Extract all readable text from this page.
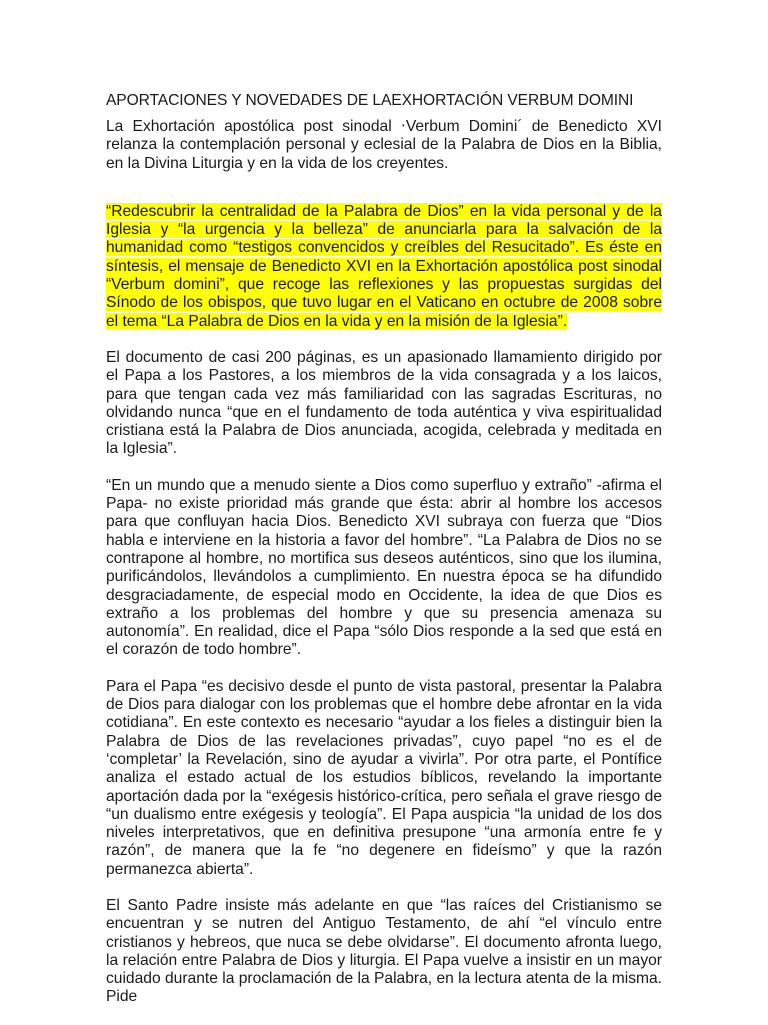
APORTACIONES Y NOVEDADES DE LAEXHORTACIÓN VERBUM DOMINI

La Exhortación apostólica post sinodal ‧Verbum Domini´ de Benedicto XVI relanza la contemplación personal y eclesial de la Palabra de Dios en la Biblia, en la Divina Liturgia y en la vida de los creyentes.

“Redescubrir la centralidad de la Palabra de Dios” en la vida personal y de la Iglesia y “la urgencia y la belleza” de anunciarla para la salvación de la humanidad como “testigos convencidos y creíbles del Resucitado”. Es éste en síntesis, el mensaje de Benedicto XVI en la Exhortación apostólica post sinodal “Verbum domini”, que recoge las reflexiones y las propuestas surgidas del Sínodo de los obispos, que tuvo lugar en el Vaticano en octubre de 2008 sobre el tema “La Palabra de Dios en la vida y en la misión de la Iglesia”.

El documento de casi 200 páginas, es un apasionado llamamiento dirigido por el Papa a los Pastores, a los miembros de la vida consagrada y a los laicos, para que tengan cada vez más familiaridad con las sagradas Escrituras, no olvidando nunca “que en el fundamento de toda auténtica y viva espiritualidad cristiana está la Palabra de Dios anunciada, acogida, celebrada y meditada en la Iglesia”.

“En un mundo que a menudo siente a Dios como superfluo y extraño” -afirma el Papa- no existe prioridad más grande que ésta: abrir al hombre los accesos para que confluyan hacia Dios. Benedicto XVI subraya con fuerza que “Dios habla e interviene en la historia a favor del hombre”. “La Palabra de Dios no se contrapone al hombre, no mortifica sus deseos auténticos, sino que los ilumina, purificándolos, llevándolos a cumplimiento. En nuestra época se ha difundido desgraciadamente, de especial modo en Occidente, la idea de que Dios es extraño a los problemas del hombre y que su presencia amenaza su autonomía”. En realidad, dice el Papa “sólo Dios responde a la sed que está en el corazón de todo hombre”.

Para el Papa “es decisivo desde el punto de vista pastoral, presentar la Palabra de Dios para dialogar con los problemas que el hombre debe afrontar en la vida cotidiana”. En este contexto es necesario “ayudar a los fieles a distinguir bien la Palabra de Dios de las revelaciones privadas”, cuyo papel “no es el de ‘completar’ la Revelación, sino de ayudar a vivirla”. Por otra parte, el Pontífice analiza el estado actual de los estudios bíblicos, revelando la importante aportación dada por la “exégesis histórico-crítica, pero señala el grave riesgo de “un dualismo entre exégesis y teología”. El Papa auspicia “la unidad de los dos niveles interpretativos, que en definitiva presupone “una armonía entre fe y razón”, de manera que la fe “no degenere en fideísmo” y que la razón permanezca abierta”.

El Santo Padre insiste más adelante en que “las raíces del Cristianismo se encuentran y se nutren del Antiguo Testamento, de ahí “el vínculo entre cristianos y hebreos, que nuca se debe olvidarse”. El documento afronta luego, la relación entre Palabra de Dios y liturgia. El Papa vuelve a insistir en un mayor cuidado durante la proclamación de la Palabra, en la lectura atenta de la misma. Pide
